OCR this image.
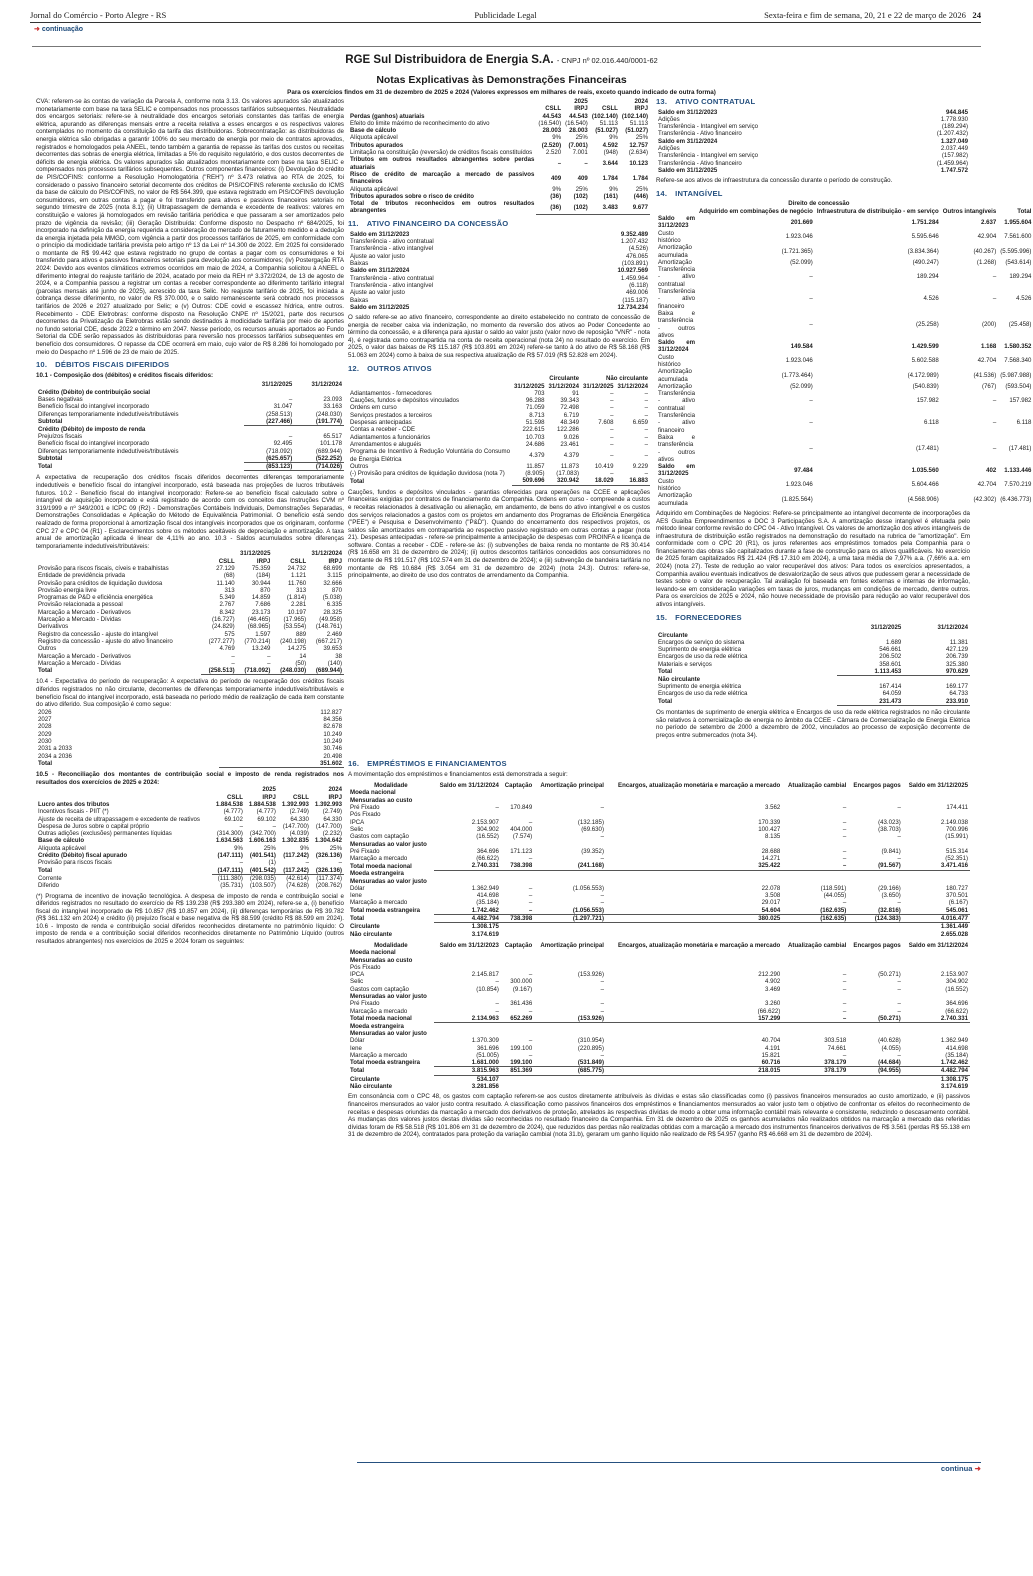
Jornal do Comércio - Porto Alegre - RS	Publicidade Legal	Sexta-feira e fim de semana, 20, 21 e 22 de março de 2026 24
➜ continuação
RGE Sul Distribuidora de Energia S.A. - CNPJ nº 02.016.440/0001-62
Notas Explicativas às Demonstrações Financeiras
Para os exercícios findos em 31 de dezembro de 2025 e 2024 (Valores expressos em milhares de reais, exceto quando indicado de outra forma)

CVA: referem-se às contas de variação da Parcela A, conforme nota 3.13. Os valores apurados são atualizados monetariamente com base na taxa SELIC e compensados nos processos tarifários subsequentes. Neutralidade dos encargos setoriais: refere-se à neutralidade dos encargos setoriais constantes das tarifas de energia elétrica, apurando as diferenças mensais entre a receita relativa a esses encargos e os respectivos valores contemplados no momento da constituição da tarifa das distribuidoras. Sobrecontratação: as distribuidoras de energia elétrica são obrigadas a garantir 100% do seu mercado de energia por meio de contratos aprovados, registrados e homologados pela ANEEL, tendo também a garantia de repasse às tarifas dos custos ou receitas decorrentes das sobras de energia elétrica, limitadas a 5% do requisito regulatório, e dos custos decorrentes de déficits de energia elétrica. Os valores apurados são atualizados monetariamente com base na taxa SELIC e compensados nos processos tarifários subsequentes. Outros componentes financeiros: (i) Devolução do crédito de PIS/COFINS: conforme a Resolução Homologatória ("REH") nº 3.473 relativa ao RTA de 2025, foi considerado o passivo financeiro setorial decorrente dos créditos de PIS/COFINS referente exclusão do ICMS da base de cálculo do PIS/COFINS, no valor de R$ 564.399, que estava registrado em PIS/COFINS devolução consumidores, em outras contas a pagar e foi transferido para ativos e passivos financeiros setoriais no segundo trimestre de 2025 (nota 8.1); (ii) Ultrapassagem de demanda e excedente de reativos: valores em constituição e valores já homologados em revisão tarifária periódica e que passaram a ser amortizados pelo prazo de vigência da revisão; (iii) Geração Distribuída: Conforme disposto no Despacho nº 684/2025, foi incorporado na definição da energia requerida a consideração do mercado de faturamento medido e a dedução da energia injetada pela MMGD, com vigência a partir dos processos tarifários de 2025, em conformidade com o princípio da modicidade tarifária prevista pelo artigo nº 13 da Lei nº 14.300 de 2022. Em 2025 foi considerado o montante de R$ 99.442 que estava registrado no grupo de contas a pagar com os consumidores e foi transferido para ativos e passivos financeiros setoriais para devolução aos consumidores; (iv) Postergação RTA 2024: Devido aos eventos climáticos extremos ocorridos em maio de 2024, a Companhia solicitou à ANEEL o diferimento integral do reajuste tarifário de 2024, acatado por meio da REH nº 3.372/2024, de 13 de agosto de 2024, e a Companhia passou a registrar um contas a receber correspondente ao diferimento tarifário integral (parcelas mensais até junho de 2025), acrescido da taxa Selic. No reajuste tarifário de 2025, foi iniciada a cobrança desse diferimento, no valor de R$ 370.000, e o saldo remanescente será cobrado nos processos tarifários de 2026 e 2027 atualizado por Selic; e (v) Outros: CDE covid e escassez hídrica, entre outros. Recebimento - CDE Eletrobras: conforme disposto na Resolução CNPE nº 15/2021, parte dos recursos decorrentes da Privatização da Eletrobras estão sendo destinados à modicidade tarifária por meio de aportes no fundo setorial CDE, desde 2022 e término em 2047. Nesse período, os recursos anuais aportados ao Fundo Setorial da CDE serão repassados às distribuidoras para reversão nos processos tarifários subsequentes em benefício dos consumidores. O repasse da CDE ocorrerá em maio, cujo valor de R$ 8.286 foi homologado por meio do Despacho nº 1.596 de 23 de maio de 2025.

10. DÉBITOS FISCAIS DIFERIDOS
10.1 - Composição dos (débitos) e créditos fiscais diferidos:
	31/12/2025	31/12/2024
Crédito (Débito) de contribuição social		
Bases negativas	–	23.093
Benefício fiscal do intangível incorporado	31.047	33.163
Diferenças temporariamente indedutíveis/tributáveis	(258.513)	(248.030)
Subtotal	(227.466)	(191.774)
Crédito (Débito) de imposto de renda		
Prejuízos fiscais	–	65.517
Benefício fiscal do intangível incorporado	92.495	101.178
Diferenças temporariamente indedutíveis/tributáveis	(718.092)	(689.944)
Subtotal	(625.657)	(522.252)
Total	(853.123)	(714.026)

A expectativa de recuperação dos créditos fiscais diferidos decorrentes diferenças temporariamente indedutíveis e benefício fiscal do intangível incorporado, está baseada nas projeções de lucros tributáveis futuros. 10.2 - Benefício fiscal do intangível incorporado: Refere-se ao benefício fiscal calculado sobre o intangível de aquisição incorporado e está registrado de acordo com os conceitos das Instruções CVM nº 319/1999 e nº 349/2001 e ICPC 09 (R2) - Demonstrações Contábeis Individuais, Demonstrações Separadas, Demonstrações Consolidadas e Aplicação do Método de Equivalência Patrimonial. O benefício está sendo realizado de forma proporcional à amortização fiscal dos intangíveis incorporados que os originaram, conforme CPC 27 e CPC 04 (R1) - Esclarecimentos sobre os métodos aceitáveis de depreciação e amortização. A taxa anual de amortização aplicada é linear de 4,11% ao ano. 10.3 - Saldos acumulados sobre diferenças temporariamente indedutíveis/tributáveis:

	31/12/2025		31/12/2024	
	CSLL	IRPJ	CSLL	IRPJ
Provisão para riscos fiscais, cíveis e trabalhistas	27.129	75.359	24.732	68.699
Entidade de previdência privada	(68)	(184)	1.121	3.115
Provisão para créditos de liquidação duvidosa	11.140	30.944	11.760	32.666
Provisão energia livre	313	870	313	870
Programas de P&D e eficiência energética	5.349	14.859	(1.814)	(5.038)
Provisão relacionada a pessoal	2.767	7.686	2.281	6.335
Marcação a Mercado - Derivativos	8.342	23.173	10.197	28.325
Marcação a Mercado - Dívidas	(16.727)	(46.465)	(17.965)	(49.958)
Derivativos	(24.829)	(68.965)	(53.554)	(148.761)
Registro da concessão - ajuste do intangível	575	1.597	889	2.469
Registro da concessão - ajuste do ativo financeiro	(277.277)	(770.214)	(240.198)	(667.217)
Outros	4.769	13.249	14.275	39.653
Marcação a Mercado - Derivativos	–	–	14	38
Marcação a Mercado - Dívidas	–	–	(50)	(140)
Total	(258.513)	(718.092)	(248.030)	(689.944)

10.4 - Expectativa do período de recuperação: A expectativa do período de recuperação dos créditos fiscais diferidos registrados no não circulante, decorrentes de diferenças temporariamente indedutíveis/tributáveis e benefício fiscal do intangível incorporado, está baseada no período médio de realização de cada item constante do ativo diferido. Sua composição é como segue:

2026	112.827
2027	84.356
2028	82.678
2029	10.249
2030	10.249
2031 a 2033	30.746
2034 a 2036	20.498
Total	351.602

10.5 - Reconciliação dos montantes de contribuição social e imposto de renda registrados nos resultados dos exercícios de 2025 e 2024:

	2025		2024	
	CSLL	IRPJ	CSLL	IRPJ
Lucro antes dos tributos	1.884.538	1.884.538	1.392.993	1.392.993
Incentivos fiscais - PIIT (*)	(4.777)	(4.777)	(2.749)	(2.749)
Ajuste de receita de ultrapassagem e excedente de reativos	69.102	69.102	64.330	64.330
Despesa de Juros sobre o capital próprio	–	–	(147.700)	(147.700)
Outras adições (exclusões) permanentes líquidas	(314.300)	(342.700)	(4.039)	(2.232)
Base de cálculo	1.634.563	1.606.163	1.302.835	1.304.642
Alíquota aplicável	9%	25%	9%	25%
Crédito (Débito) fiscal apurado	(147.111)	(401.541)	(117.242)	(326.136)
Provisão para riscos fiscais	–	(1)	–	–
Total	(147.111)	(401.542)	(117.242)	(326.136)
Corrente	(111.380)	(298.035)	(42.614)	(117.374)
Diferido	(35.731)	(103.507)	(74.628)	(208.762)

(*) Programa de incentivo de inovação tecnológica. A despesa de imposto de renda e contribuição social e diferidos registrados no resultado do exercício de R$ 139.238 (R$ 293.380 em 2024), refere-se a, (i) benefício fiscal do intangível incorporado de R$ 10.857 (R$ 10.857 em 2024), (ii) diferenças temporárias de R$ 39.782 (R$ 361.132 em 2024) e crédito (ii) prejuízo fiscal e base negativa de R$ 88.599 (crédito R$ 88.599 em 2024). 10.6 - Imposto de renda e contribuição social diferidos reconhecidos diretamente no patrimônio líquido: O imposto de renda e a contribuição social diferidos reconhecidos diretamente no Patrimônio Líquido (outros resultados abrangentes) nos exercícios de 2025 e 2024 foram os seguintes:

	2025		2024	
	CSLL	IRPJ	CSLL	IRPJ
Perdas (ganhos) atuariais	44.543	44.543	(102.140)	(102.140)
Efeito do limite máximo de reconhecimento do ativo	(16.540)	(16.540)	51.113	51.113
Base de cálculo	28.003	28.003	(51.027)	(51.027)
Alíquota aplicável	9%	25%	9%	25%
Tributos apurados	(2.520)	(7.001)	4.592	12.757
Limitação na constituição (reversão) de créditos fiscais constituídos	2.520	7.001	(948)	(2.634)
Tributos em outros resultados abrangentes sobre perdas atuariais	–	–	3.644	10.123
Risco de crédito de marcação a mercado de passivos financeiros	409	409	1.784	1.784
Alíquota aplicável	9%	25%	9%	25%
Tributos apurados sobre o risco de crédito	(36)	(102)	(161)	(446)
Total de tributos reconhecidos em outros resultados abrangentes	(36)	(102)	3.483	9.677
11. ATIVO FINANCEIRO DA CONCESSÃO
Saldo em 31/12/2023	9.352.489
Transferência - ativo contratual	1.207.432
Transferência - ativo intangível	(4.526)
Ajuste ao valor justo	476.065
Baixas	(103.891)
Saldo em 31/12/2024	10.927.569
Transferência - ativo contratual	1.459.964
Transferência - ativo intangível	(6.118)
Ajuste ao valor justo	469.006
Baixas	(115.187)
Saldo em 31/12/2025	12.734.234

O saldo refere-se ao ativo financeiro, correspondente ao direito estabelecido no contrato de concessão de energia de receber caixa via indenização, no momento da reversão dos ativos ao Poder Concedente ao término da concessão, e a diferença para ajustar o saldo ao valor justo (valor novo de reposição "VNR" - nota 4), é registrada como contrapartida na conta de receita operacional (nota 24) no resultado do exercício. Em 2025, o valor das baixas de R$ 115.187 (R$ 103.891 em 2024) refere-se tanto à do ativo de R$ 58.168 (R$ 51.063 em 2024) como à baixa de sua respectiva atualização de R$ 57.019 (R$ 52.828 em 2024).

12. OUTROS ATIVOS
	Circulante		Não circulante	
	31/12/2025	31/12/2024	31/12/2025	31/12/2024
Adiantamentos - fornecedores	703	91	–	–
Cauções, fundos e depósitos vinculados	96.288	39.343	–	–
Ordens em curso	71.059	72.498	–	–
Serviços prestados a terceiros	8.713	6.719	–	–
Despesas antecipadas	51.598	48.349	7.608	6.659
Contas a receber - CDE	222.615	122.286	–	–
Adiantamentos a funcionários	10.703	9.026	–	–
Arrendamentos e aluguéis	24.686	23.461	–	–
Programa de Incentivo à Redução Voluntária do Consumo de Energia Elétrica	4.379	4.379	–	–
Outros	11.857	11.873	10.419	9.229
(-) Provisão para créditos de liquidação duvidosa (nota 7)	(8.905)	(17.083)	–	–
Total	509.696	320.942	18.029	16.883

Cauções, fundos e depósitos vinculados - garantias oferecidas para operações na CCEE e aplicações financeiras exigidas por contratos de financiamento da Companhia. Ordens em curso - compreende a custos e receitas relacionados à desativação ou alienação, em andamento, de bens do ativo intangível e os custos dos serviços relacionados a gastos com os projetos em andamento dos Programas de Eficiência Energética ("PEE") e Pesquisa e Desenvolvimento ("P&D"). Quando do encerramento dos respectivos projetos, os saldos são amortizados em contrapartida ao respectivo passivo registrado em outras contas a pagar (nota 21). Despesas antecipadas - refere-se principalmente a antecipação de despesas com PROINFA e licença de software. Contas a receber - CDE - refere-se às: (i) subvenções de baixa renda no montante de R$ 30.414 (R$ 16.658 em 31 de dezembro de 2024); (ii) outros descontos tarifários concedidos aos consumidores no montante de R$ 191.517 (R$ 102.574 em 31 de dezembro de 2024); e (iii) subvenção de bandeira tarifária no montante de R$ 10.684 (R$ 3.054 em 31 de dezembro de 2024) (nota 24.3). Outros: refere-se, principalmente, ao direito de uso dos contratos de arrendamento da Companhia.

13. ATIVO CONTRATUAL
Saldo em 31/12/2023	944.845
Adições	1.778.930
Transferência - Intangível em serviço	(189.294)
Transferência - Ativo financeiro	(1.207.432)
Saldo em 31/12/2024	1.327.049
Adições	2.037.449
Transferência - Intangível em serviço	(157.982)
Transferência - Ativo financeiro	(1.459.964)
Saldo em 31/12/2025	1.747.572

Refere-se aos ativos de infraestrutura da concessão durante o período de construção.

14. INTANGÍVEL
	Direito de concessão			
	Adquirido em combinações de negócio	Infraestrutura de distribuição - em serviço	Outros intangíveis	Total
Saldo em 31/12/2023	201.669	1.751.284	2.637	1.955.604
Custo histórico	1.923.046	5.595.646	42.904	7.561.600
Amortização acumulada	(1.721.365)	(3.834.364)	(40.267)	(5.595.996)
Amortização	(52.099)	(490.247)	(1.268)	(543.614)
Transferência - ativo contratual	–	189.294	–	189.294
Transferência - ativo financeiro	–	4.526	–	4.526
Baixa e transferência - outros ativos	–	(25.258)	(200)	(25.458)
Saldo em 31/12/2024	149.584	1.429.599	1.168	1.580.352
Custo histórico	1.923.046	5.602.588	42.704	7.568.340
Amortização acumulada	(1.773.464)	(4.172.989)	(41.536)	(5.987.988)
Amortização	(52.099)	(540.839)	(767)	(593.504)
Transferência - ativo contratual	–	157.982	–	157.982
Transferência - ativo financeiro	–	6.118	–	6.118
Baixa e transferência - outros ativos	–	(17.481)	–	(17.481)
Saldo em 31/12/2025	97.484	1.035.560	402	1.133.446
Custo histórico	1.923.046	5.604.466	42.704	7.570.219
Amortização acumulada	(1.825.564)	(4.568.906)	(42.302)	(6.436.773)

Adquirido em Combinações de Negócios: Refere-se principalmente ao intangível decorrente de incorporações da AES Guaíba Empreendimentos e DOC 3 Participações S.A. A amortização desse intangível é efetuada pelo método linear conforme revisão do CPC 04 - Ativo Intangível. Os valores de amortização dos ativos intangíveis de infraestrutura de distribuição estão registrados na demonstração do resultado na rubrica de "amortização". Em conformidade com o CPC 20 (R1), os juros referentes aos empréstimos tomados pela Companhia para o financiamento das obras são capitalizados durante a fase de construção para os ativos qualificáveis. No exercício de 2025 foram capitalizados R$ 21.424 (R$ 17.310 em 2024), a uma taxa média de 7,97% a.a. (7,66% a.a. em 2024) (nota 27). Teste de redução ao valor recuperável dos ativos: Para todos os exercícios apresentados, a Companhia avaliou eventuais indicativos de desvalorização de seus ativos que pudessem gerar a necessidade de testes sobre o valor de recuperação. Tal avaliação foi baseada em fontes externas e internas de informação, levando-se em consideração variações em taxas de juros, mudanças em condições de mercado, dentre outros. Para os exercícios de 2025 e 2024, não houve necessidade de provisão para redução ao valor recuperável dos ativos intangíveis.

15. FORNECEDORES
	31/12/2025	31/12/2024
Circulante		
Encargos de serviço do sistema	1.689	11.381
Suprimento de energia elétrica	546.661	427.129
Encargos de uso da rede elétrica	206.502	206.739
Materiais e serviços	358.601	325.380
Total	1.113.453	970.629
Não circulante		
Suprimento de energia elétrica	167.414	169.177
Encargos de uso da rede elétrica	64.059	64.733
Total	231.473	233.910

Os montantes de suprimento de energia elétrica e Encargos de uso da rede elétrica registrados no não circulante são relativos à comercialização de energia no âmbito da CCEE - Câmara de Comercialização de Energia Elétrica no período de setembro de 2000 a dezembro de 2002, vinculados ao processo de exposição decorrente de preços entre submercados (nota 34).

16. EMPRÉSTIMOS E FINANCIAMENTOS

A movimentação dos empréstimos e financiamentos está demonstrada a seguir:

Modalidade	Saldo em 31/12/2024	Captação	Amortização principal	Encargos, atualização monetária e marcação a mercado	Atualização cambial	Encargos pagos	Saldo em 31/12/2025
Moeda nacional							
Mensuradas ao custo							
Pré Fixado	–	170.849	–	3.562	–	–	174.411
Pós Fixado							
IPCA	2.153.907	–	(132.185)	170.339	–	(43.023)	2.149.038
Selic	304.902	404.000	(69.630)	100.427	–	(38.703)	700.996
Gastos com captação	(16.552)	(7.574)	–	8.135	–	–	(15.991)
Mensuradas ao valor justo							
Pré Fixado	364.696	171.123	(39.352)	28.688	–	(9.841)	515.314
Marcação a mercado	(66.622)	–	–	14.271	–	–	(52.351)
Total moeda nacional	2.740.331	738.398	(241.168)	325.422	–	(91.567)	3.471.416
Moeda estrangeira							
Mensuradas ao valor justo							
Dólar	1.362.949	–	(1.056.553)	22.078	(118.591)	(29.166)	180.727
Iene	414.698	–	–	3.508	(44.055)	(3.650)	370.501
Marcação a mercado	(35.184)	–	–	29.017	–	–	(6.167)
Total moeda estrangeira	1.742.462	–	(1.056.553)	54.604	(162.635)	(32.816)	545.061
Total	4.482.794	738.398	(1.297.721)	380.025	(162.635)	(124.383)	4.016.477
Circulante	1.308.175						1.361.449
Não circulante	3.174.619						2.655.028
Modalidade	Saldo em 31/12/2023	Captação	Amortização principal	Encargos, atualização monetária e marcação a mercado	Atualização cambial	Encargos pagos	Saldo em 31/12/2024
Moeda nacional							
Mensuradas ao custo							
Pós Fixado							
IPCA	2.145.817	–	(153.926)	212.290	–	(50.271)	2.153.907
Selic	–	300.000	–	4.902	–	–	304.902
Gastos com captação	(10.854)	(9.167)	–	3.469	–	–	(16.552)
Mensuradas ao valor justo							
Pré Fixado	–	361.436	–	3.260	–	–	364.696
Marcação a mercado	–	–	–	(66.622)	–	–	(66.622)
Total moeda nacional	2.134.963	652.269	(153.926)	157.299	–	(50.271)	2.740.331
Moeda estrangeira							
Mensuradas ao valor justo							
Dólar	1.370.309	–	(310.954)	40.704	303.518	(40.628)	1.362.949
Iene	361.696	199.100	(220.895)	4.191	74.661	(4.055)	414.698
Marcação a mercado	(51.005)	–	–	15.821	–	–	(35.184)
Total moeda estrangeira	1.681.000	199.100	(531.849)	60.716	378.179	(44.684)	1.742.462
Total	3.815.963	851.369	(685.775)	218.015	378.179	(94.955)	4.482.794
Circulante	534.107						1.308.175
Não circulante	3.281.856						3.174.619

Em consonância com o CPC 48, os gastos com captação referem-se aos custos diretamente atribuíveis às dívidas e estas são classificadas como (i) passivos financeiros mensurados ao custo amortizado, e (ii) passivos financeiros mensurados ao valor justo contra resultado. A classificação como passivos financeiros dos empréstimos e financiamentos mensurados ao valor justo tem o objetivo de confrontar os efeitos do reconhecimento de receitas e despesas oriundas da marcação a mercado dos derivativos de proteção, atrelados às respectivas dívidas de modo a obter uma informação contábil mais relevante e consistente, reduzindo o descasamento contábil. As mudanças dos valores justos destas dívidas são reconhecidas no resultado financeiro da Companhia. Em 31 de dezembro de 2025 os ganhos acumulados não realizados obtidos na marcação a mercado das referidas dívidas foram de R$ 58.518 (R$ 101.806 em 31 de dezembro de 2024), que reduzidos das perdas não realizadas obtidas com a marcação a mercado dos instrumentos financeiros derivativos de R$ 3.561 (perdas R$ 55.138 em 31 de dezembro de 2024), contratados para proteção da variação cambial (nota 31.b), geraram um ganho líquido não realizado de R$ 54.957 (ganho R$ 46.668 em 31 de dezembro de 2024).

continua ➜
